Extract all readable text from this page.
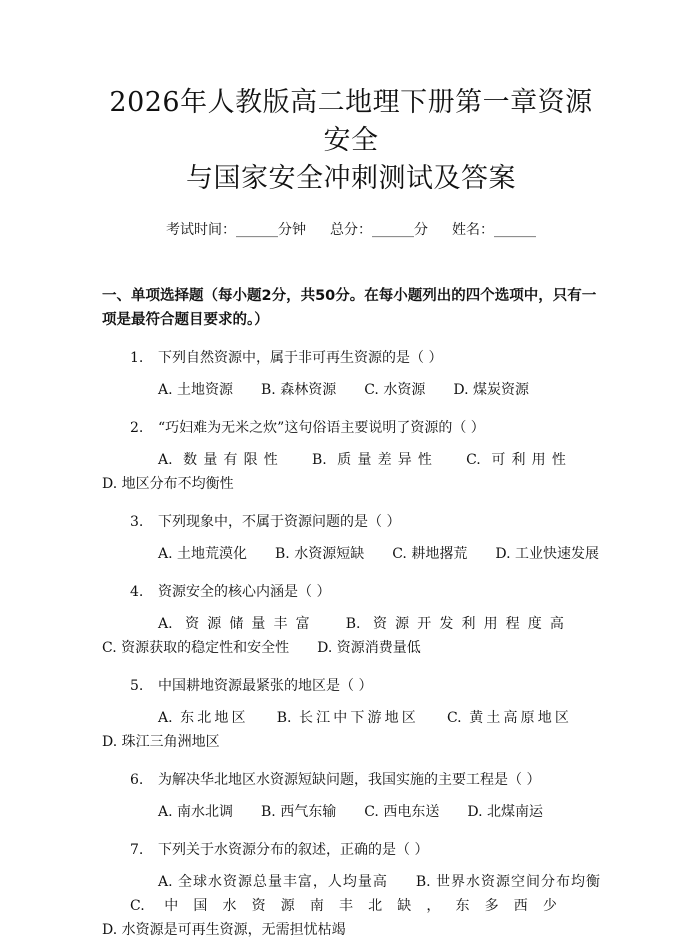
2026年人教版高二地理下册第一章资源安全
与国家安全冲刺测试及答案
考试时间：______分钟 总分：______分 姓名：______
一、单项选择题（每小题2分，共50分。在每小题列出的四个选项中，只有一项是最符合题目要求的。）
1. 下列自然资源中，属于非可再生资源的是（ ）
A. 土地资源 B. 森林资源 C. 水资源 D. 煤炭资源
2. “巧妇难为无米之炊”这句俗语主要说明了资源的（ ）
A. 数量有限性 B. 质量差异性 C. 可利用性D. 地区分布不均衡性
3. 下列现象中，不属于资源问题的是（ ）
A. 土地荒漠化 B. 水资源短缺 C. 耕地撂荒 D. 工业快速发展
4. 资源安全的核心内涵是（ ）
A. 资源储量丰富 B. 资源开发利用程度高C. 资源获取的稳定性和安全性 D. 资源消费量低
5. 中国耕地资源最紧张的地区是（ ）
A. 东北地区 B. 长江中下游地区 C. 黄土高原地区D. 珠江三角洲地区
6. 为解决华北地区水资源短缺问题，我国实施的主要工程是（ ）
A. 南水北调 B. 西气东输 C. 西电东送 D. 北煤南运
7. 下列关于水资源分布的叙述，正确的是（ ）
A. 全球水资源总量丰富，人均量高 B. 世界水资源空间分布均衡C. 中国水资源南丰北缺，东多西少D. 水资源是可再生资源，无需担忧枯竭
